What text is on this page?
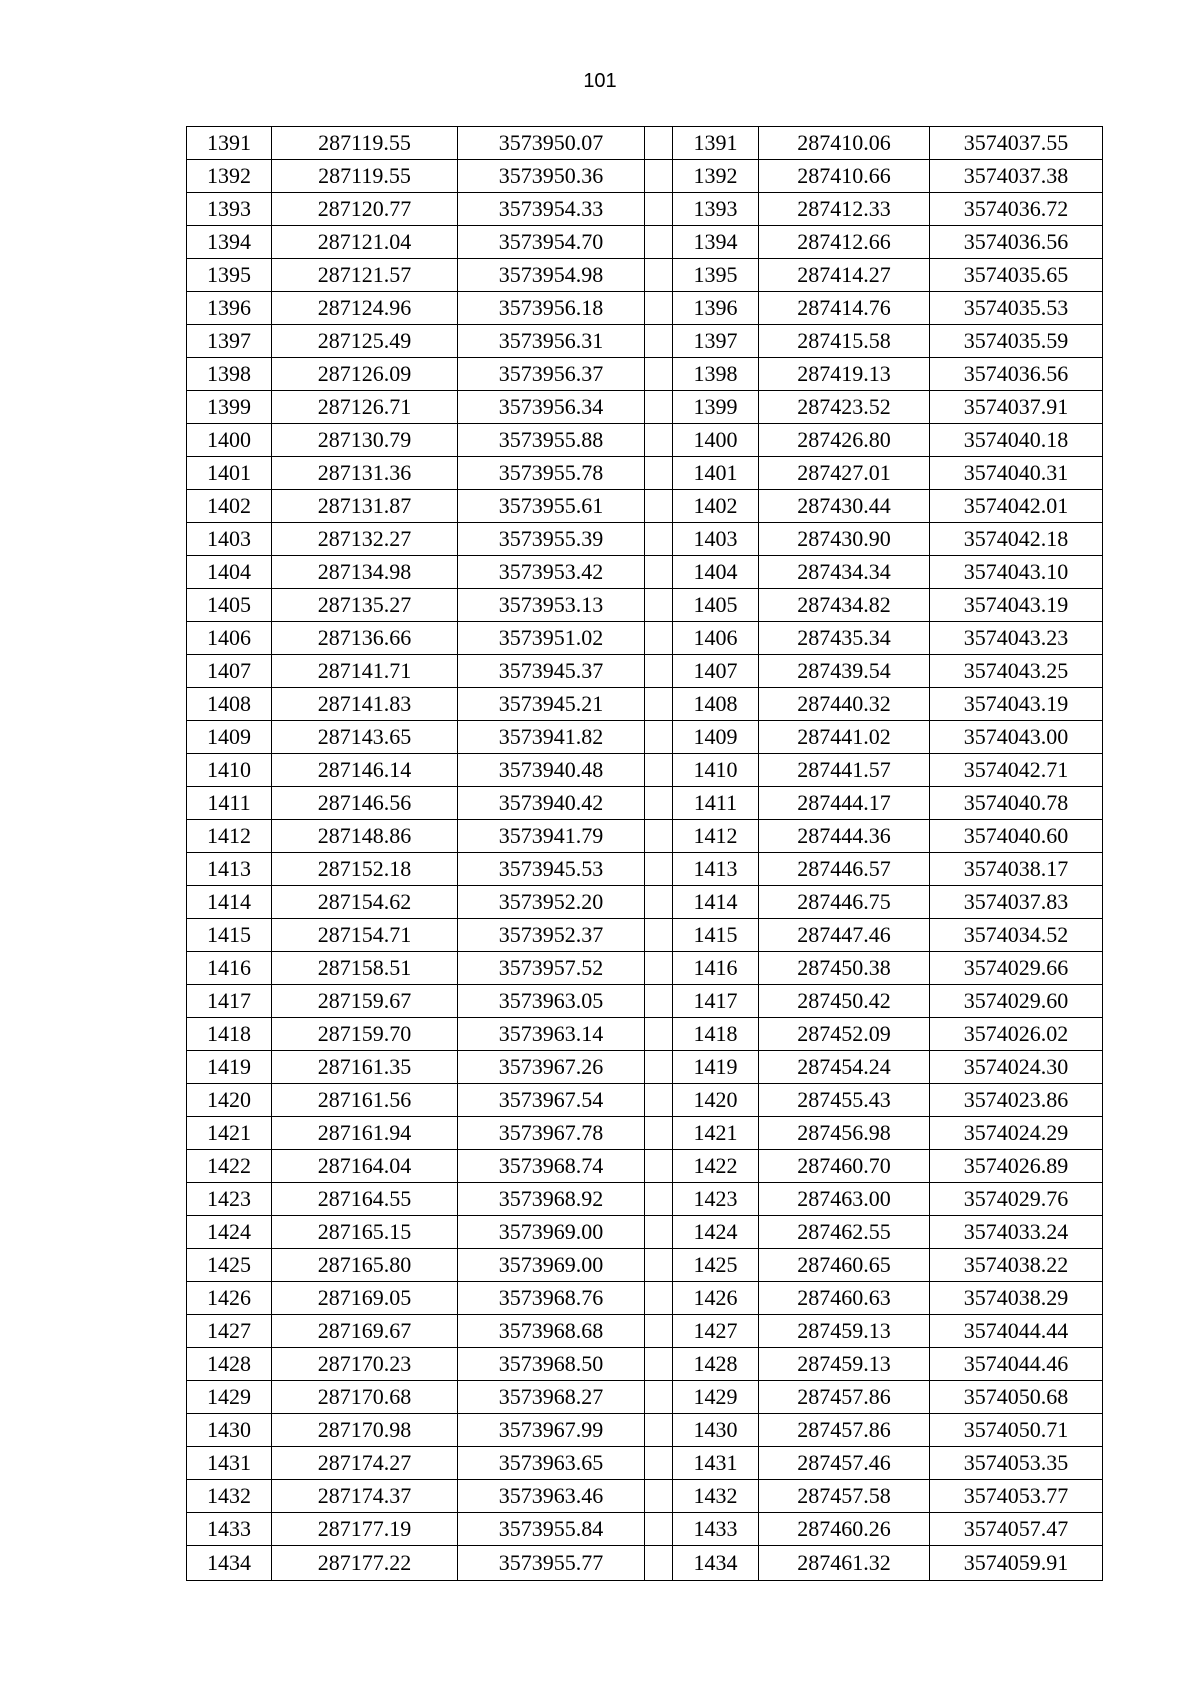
101
1391	287119.55	3573950.07		1391	287410.06	3574037.55
1392	287119.55	3573950.36		1392	287410.66	3574037.38
1393	287120.77	3573954.33		1393	287412.33	3574036.72
1394	287121.04	3573954.70		1394	287412.66	3574036.56
1395	287121.57	3573954.98		1395	287414.27	3574035.65
1396	287124.96	3573956.18		1396	287414.76	3574035.53
1397	287125.49	3573956.31		1397	287415.58	3574035.59
1398	287126.09	3573956.37		1398	287419.13	3574036.56
1399	287126.71	3573956.34		1399	287423.52	3574037.91
1400	287130.79	3573955.88		1400	287426.80	3574040.18
1401	287131.36	3573955.78		1401	287427.01	3574040.31
1402	287131.87	3573955.61		1402	287430.44	3574042.01
1403	287132.27	3573955.39		1403	287430.90	3574042.18
1404	287134.98	3573953.42		1404	287434.34	3574043.10
1405	287135.27	3573953.13		1405	287434.82	3574043.19
1406	287136.66	3573951.02		1406	287435.34	3574043.23
1407	287141.71	3573945.37		1407	287439.54	3574043.25
1408	287141.83	3573945.21		1408	287440.32	3574043.19
1409	287143.65	3573941.82		1409	287441.02	3574043.00
1410	287146.14	3573940.48		1410	287441.57	3574042.71
1411	287146.56	3573940.42		1411	287444.17	3574040.78
1412	287148.86	3573941.79		1412	287444.36	3574040.60
1413	287152.18	3573945.53		1413	287446.57	3574038.17
1414	287154.62	3573952.20		1414	287446.75	3574037.83
1415	287154.71	3573952.37		1415	287447.46	3574034.52
1416	287158.51	3573957.52		1416	287450.38	3574029.66
1417	287159.67	3573963.05		1417	287450.42	3574029.60
1418	287159.70	3573963.14		1418	287452.09	3574026.02
1419	287161.35	3573967.26		1419	287454.24	3574024.30
1420	287161.56	3573967.54		1420	287455.43	3574023.86
1421	287161.94	3573967.78		1421	287456.98	3574024.29
1422	287164.04	3573968.74		1422	287460.70	3574026.89
1423	287164.55	3573968.92		1423	287463.00	3574029.76
1424	287165.15	3573969.00		1424	287462.55	3574033.24
1425	287165.80	3573969.00		1425	287460.65	3574038.22
1426	287169.05	3573968.76		1426	287460.63	3574038.29
1427	287169.67	3573968.68		1427	287459.13	3574044.44
1428	287170.23	3573968.50		1428	287459.13	3574044.46
1429	287170.68	3573968.27		1429	287457.86	3574050.68
1430	287170.98	3573967.99		1430	287457.86	3574050.71
1431	287174.27	3573963.65		1431	287457.46	3574053.35
1432	287174.37	3573963.46		1432	287457.58	3574053.77
1433	287177.19	3573955.84		1433	287460.26	3574057.47
1434	287177.22	3573955.77		1434	287461.32	3574059.91
